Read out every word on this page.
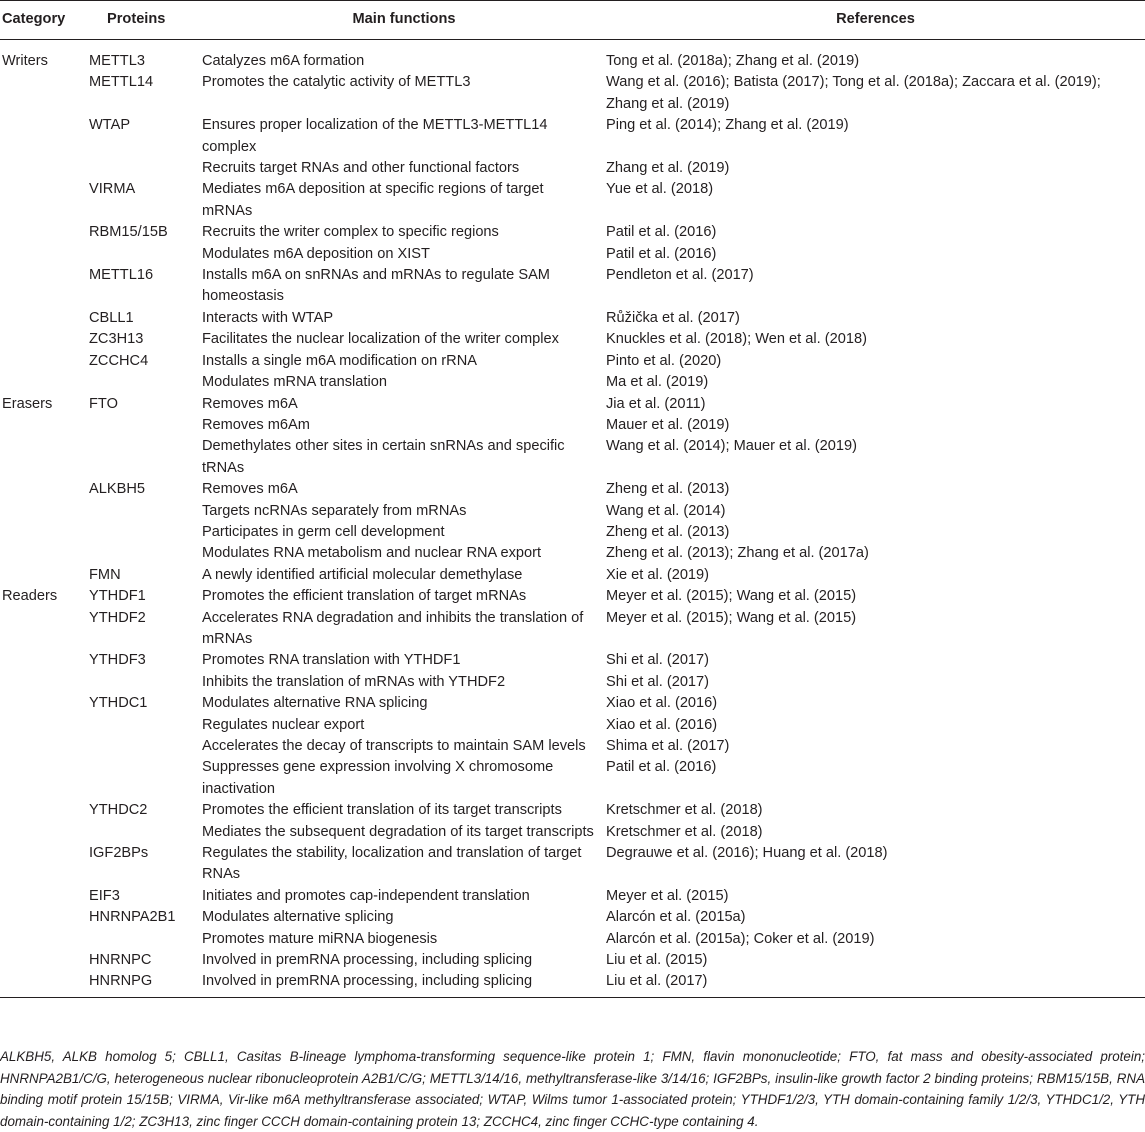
Category	Proteins	Main functions	References
Writers	METTL3	Catalyzes m6A formation	Tong et al. (2018a); Zhang et al. (2019)
	METTL14	Promotes the catalytic activity of METTL3	Wang et al. (2016); Batista (2017); Tong et al. (2018a); Zaccara et al. (2019); Zhang et al. (2019)
	WTAP	Ensures proper localization of the METTL3-METTL14 complex	Ping et al. (2014); Zhang et al. (2019)
		Recruits target RNAs and other functional factors	Zhang et al. (2019)
	VIRMA	Mediates m6A deposition at specific regions of target mRNAs	Yue et al. (2018)
	RBM15/15B	Recruits the writer complex to specific regions	Patil et al. (2016)
		Modulates m6A deposition on XIST	Patil et al. (2016)
	METTL16	Installs m6A on snRNAs and mRNAs to regulate SAM homeostasis	Pendleton et al. (2017)
	CBLL1	Interacts with WTAP	Růžička et al. (2017)
	ZC3H13	Facilitates the nuclear localization of the writer complex	Knuckles et al. (2018); Wen et al. (2018)
	ZCCHC4	Installs a single m6A modification on rRNA	Pinto et al. (2020)
		Modulates mRNA translation	Ma et al. (2019)
Erasers	FTO	Removes m6A	Jia et al. (2011)
		Removes m6Am	Mauer et al. (2019)
		Demethylates other sites in certain snRNAs and specific tRNAs	Wang et al. (2014); Mauer et al. (2019)
	ALKBH5	Removes m6A	Zheng et al. (2013)
		Targets ncRNAs separately from mRNAs	Wang et al. (2014)
		Participates in germ cell development	Zheng et al. (2013)
		Modulates RNA metabolism and nuclear RNA export	Zheng et al. (2013); Zhang et al. (2017a)
	FMN	A newly identified artificial molecular demethylase	Xie et al. (2019)
Readers	YTHDF1	Promotes the efficient translation of target mRNAs	Meyer et al. (2015); Wang et al. (2015)
	YTHDF2	Accelerates RNA degradation and inhibits the translation of mRNAs	Meyer et al. (2015); Wang et al. (2015)
	YTHDF3	Promotes RNA translation with YTHDF1	Shi et al. (2017)
		Inhibits the translation of mRNAs with YTHDF2	Shi et al. (2017)
	YTHDC1	Modulates alternative RNA splicing	Xiao et al. (2016)
		Regulates nuclear export	Xiao et al. (2016)
		Accelerates the decay of transcripts to maintain SAM levels	Shima et al. (2017)
		Suppresses gene expression involving X chromosome inactivation	Patil et al. (2016)
	YTHDC2	Promotes the efficient translation of its target transcripts	Kretschmer et al. (2018)
		Mediates the subsequent degradation of its target transcripts	Kretschmer et al. (2018)
	IGF2BPs	Regulates the stability, localization and translation of target RNAs	Degrauwe et al. (2016); Huang et al. (2018)
	EIF3	Initiates and promotes cap-independent translation	Meyer et al. (2015)
	HNRNPA2B1	Modulates alternative splicing	Alarcón et al. (2015a)
		Promotes mature miRNA biogenesis	Alarcón et al. (2015a); Coker et al. (2019)
	HNRNPC	Involved in premRNA processing, including splicing	Liu et al. (2015)
	HNRNPG	Involved in premRNA processing, including splicing	Liu et al. (2017)
ALKBH5, ALKB homolog 5; CBLL1, Casitas B-lineage lymphoma-transforming sequence-like protein 1; FMN, flavin mononucleotide; FTO, fat mass and obesity-associated protein; HNRNPA2B1/C/G, heterogeneous nuclear ribonucleoprotein A2B1/C/G; METTL3/14/16, methyltransferase-like 3/14/16; IGF2BPs, insulin-like growth factor 2 binding proteins; RBM15/15B, RNA binding motif protein 15/15B; VIRMA, Vir-like m6A methyltransferase associated; WTAP, Wilms tumor 1-associated protein; YTHDF1/2/3, YTH domain-containing family 1/2/3, YTHDC1/2, YTH domain-containing 1/2; ZC3H13, zinc finger CCCH domain-containing protein 13; ZCCHC4, zinc finger CCHC-type containing 4.
